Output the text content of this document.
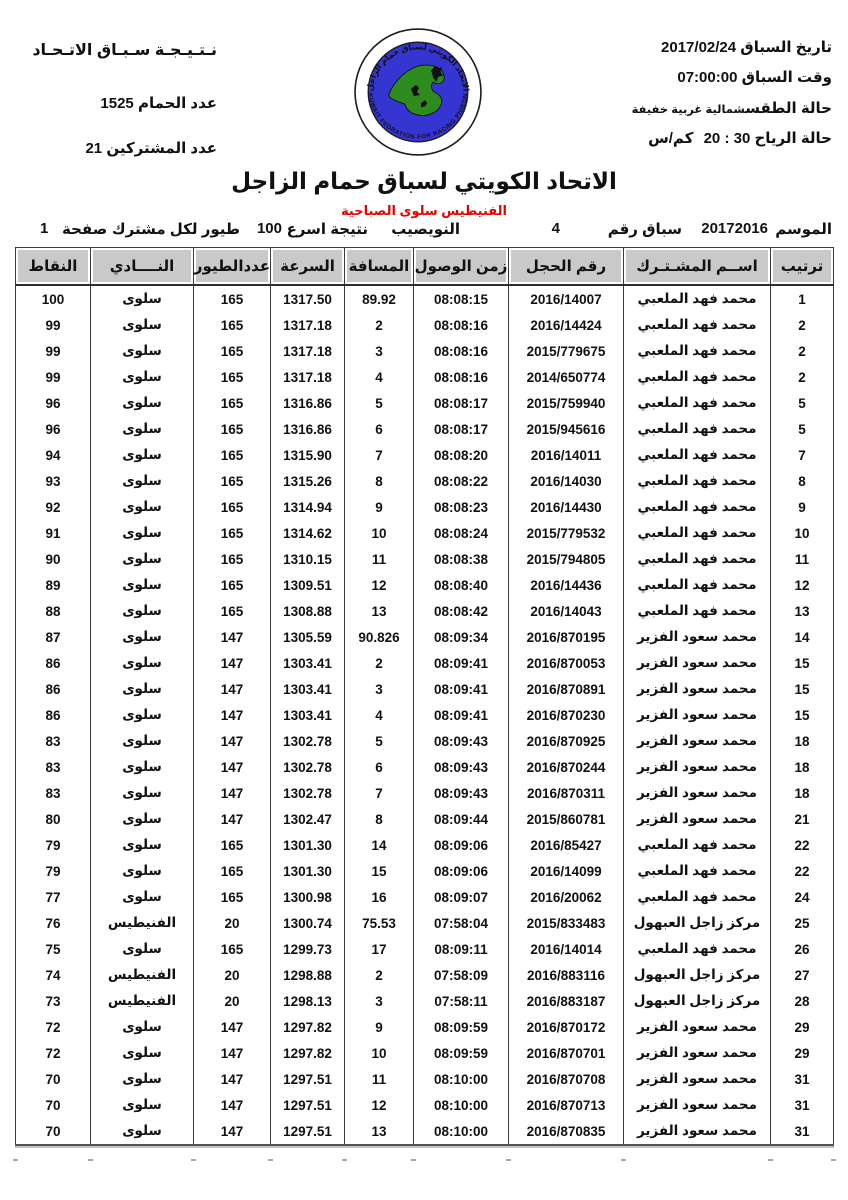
تاريخ السباق 2017/02/24
وقت السباق 07:00:00
حالة الطقسشمالية غربية خفيفة
حالة الرياح 20 : 30 كم/س
نـتـيـجـة سـبـاق الاتـحـاد
عدد الحمام 1525
عدد المشتركين 21
الاتحاد الكويتي لسباق حمام الزاجل
KUWAIT FEDRATION FOR RACING PIGEON
الاتحاد الكويتي لسباق حمام الزاجل
الفنيطيس سلوى الصباحية
الموسم
20172016
سباق رقم
4
النويصيب
نتيجة اسرع
100
طيور لكل مشترك
صفحة
1
ترتيب	اســم المشـتـرك	رقم الحجل	زمن الوصول	المسافة	السرعة	عددالطيور	النــــادي	النقاط

1	محمد فهد الملعبي	2016/14007	08:08:15	89.92	1317.50	165	سلوى	100
2	محمد فهد الملعبي	2016/14424	08:08:16	2	1317.18	165	سلوى	99
2	محمد فهد الملعبي	2015/779675	08:08:16	3	1317.18	165	سلوى	99
2	محمد فهد الملعبي	2014/650774	08:08:16	4	1317.18	165	سلوى	99
5	محمد فهد الملعبي	2015/759940	08:08:17	5	1316.86	165	سلوى	96
5	محمد فهد الملعبي	2015/945616	08:08:17	6	1316.86	165	سلوى	96
7	محمد فهد الملعبي	2016/14011	08:08:20	7	1315.90	165	سلوى	94
8	محمد فهد الملعبي	2016/14030	08:08:22	8	1315.26	165	سلوى	93
9	محمد فهد الملعبي	2016/14430	08:08:23	9	1314.94	165	سلوى	92
10	محمد فهد الملعبي	2015/779532	08:08:24	10	1314.62	165	سلوى	91
11	محمد فهد الملعبي	2015/794805	08:08:38	11	1310.15	165	سلوى	90
12	محمد فهد الملعبي	2016/14436	08:08:40	12	1309.51	165	سلوى	89
13	محمد فهد الملعبي	2016/14043	08:08:42	13	1308.88	165	سلوى	88
14	محمد سعود الفزير	2016/870195	08:09:34	90.826	1305.59	147	سلوى	87
15	محمد سعود الفزير	2016/870053	08:09:41	2	1303.41	147	سلوى	86
15	محمد سعود الفزير	2016/870891	08:09:41	3	1303.41	147	سلوى	86
15	محمد سعود الفزير	2016/870230	08:09:41	4	1303.41	147	سلوى	86
18	محمد سعود الفزير	2016/870925	08:09:43	5	1302.78	147	سلوى	83
18	محمد سعود الفزير	2016/870244	08:09:43	6	1302.78	147	سلوى	83
18	محمد سعود الفزير	2016/870311	08:09:43	7	1302.78	147	سلوى	83
21	محمد سعود الفزير	2015/860781	08:09:44	8	1302.47	147	سلوى	80
22	محمد فهد الملعبي	2016/85427	08:09:06	14	1301.30	165	سلوى	79
22	محمد فهد الملعبي	2016/14099	08:09:06	15	1301.30	165	سلوى	79
24	محمد فهد الملعبي	2016/20062	08:09:07	16	1300.98	165	سلوى	77
25	مركز زاجل العبهول	2015/833483	07:58:04	75.53	1300.74	20	الفنيطيس	76
26	محمد فهد الملعبي	2016/14014	08:09:11	17	1299.73	165	سلوى	75
27	مركز زاجل العبهول	2016/883116	07:58:09	2	1298.88	20	الفنيطيس	74
28	مركز زاجل العبهول	2016/883187	07:58:11	3	1298.13	20	الفنيطيس	73
29	محمد سعود الفزير	2016/870172	08:09:59	9	1297.82	147	سلوى	72
29	محمد سعود الفزير	2016/870701	08:09:59	10	1297.82	147	سلوى	72
31	محمد سعود الفزير	2016/870708	08:10:00	11	1297.51	147	سلوى	70
31	محمد سعود الفزير	2016/870713	08:10:00	12	1297.51	147	سلوى	70
31	محمد سعود الفزير	2016/870835	08:10:00	13	1297.51	147	سلوى	70
